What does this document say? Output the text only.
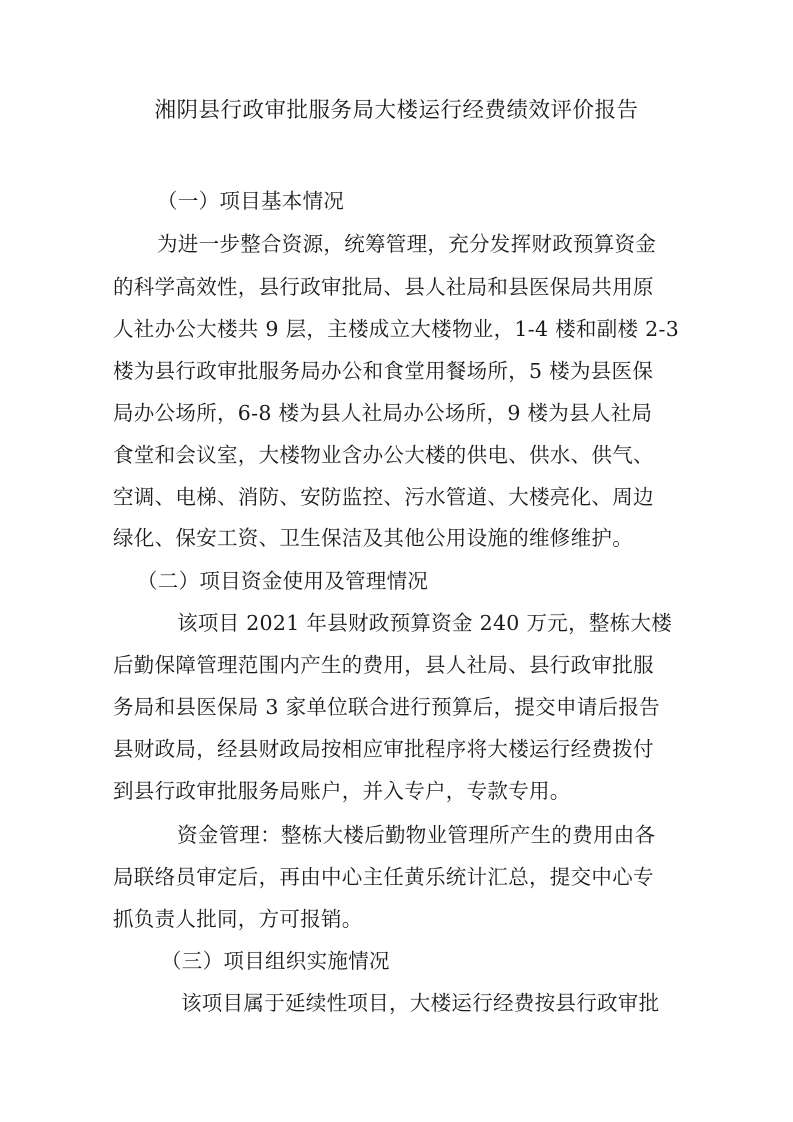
湘阴县行政审批服务局大楼运行经费绩效评价报告
（一）项目基本情况
为进一步整合资源，统筹管理，充分发挥财政预算资金
的科学高效性，县行政审批局、县人社局和县医保局共用原
人社办公大楼共 9 层，主楼成立大楼物业，1-4 楼和副楼 2-3
楼为县行政审批服务局办公和食堂用餐场所，5 楼为县医保
局办公场所，6-8 楼为县人社局办公场所，9 楼为县人社局
食堂和会议室，大楼物业含办公大楼的供电、供水、供气、
空调、电梯、消防、安防监控、污水管道、大楼亮化、周边
绿化、保安工资、卫生保洁及其他公用设施的维修维护。
（二）项目资金使用及管理情况
该项目 2021 年县财政预算资金 240 万元，整栋大楼
后勤保障管理范围内产生的费用，县人社局、县行政审批服
务局和县医保局 3 家单位联合进行预算后，提交申请后报告
县财政局，经县财政局按相应审批程序将大楼运行经费拨付
到县行政审批服务局账户，并入专户，专款专用。
资金管理：整栋大楼后勤物业管理所产生的费用由各
局联络员审定后，再由中心主任黄乐统计汇总，提交中心专
抓负责人批同，方可报销。
（三）项目组织实施情况
该项目属于延续性项目，大楼运行经费按县行政审批
